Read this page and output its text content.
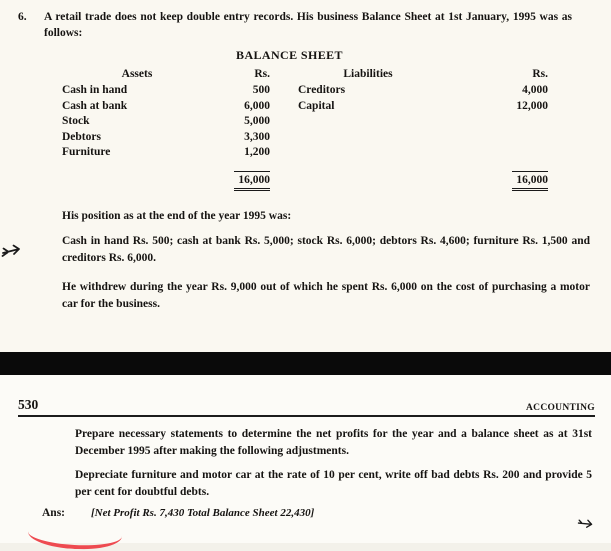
6.	A retail trade does not keep double entry records. His business Balance Sheet at 1st January, 1995 was as follows:

BALANCE SHEET
Assets	Rs.	Liabilities	Rs.
Cash in hand	500 Creditors	4,000
Cash at bank	6,000 Capital	12,000
Stock	5,000
Debtors	3,300
Furniture	1,200
16,000	16,000

His position as at the end of the year 1995 was:

Cash in hand Rs. 500; cash at bank Rs. 5,000; stock Rs. 6,000; debtors Rs. 4,600; furniture Rs. 1,500 and creditors Rs. 6,000.

He withdrew during the year Rs. 9,000 out of which he spent Rs. 6,000 on the cost of purchasing a motor car for the business.

530	ACCOUNTING

Prepare necessary statements to determine the net profits for the year and a balance sheet as at 31st December 1995 after making the following adjustments.

Depreciate furniture and motor car at the rate of 10 per cent, write off bad debts Rs. 200 and provide 5 per cent for doubtful debts.

Ans:	[Net Profit Rs. 7,430 Total Balance Sheet 22,430]
